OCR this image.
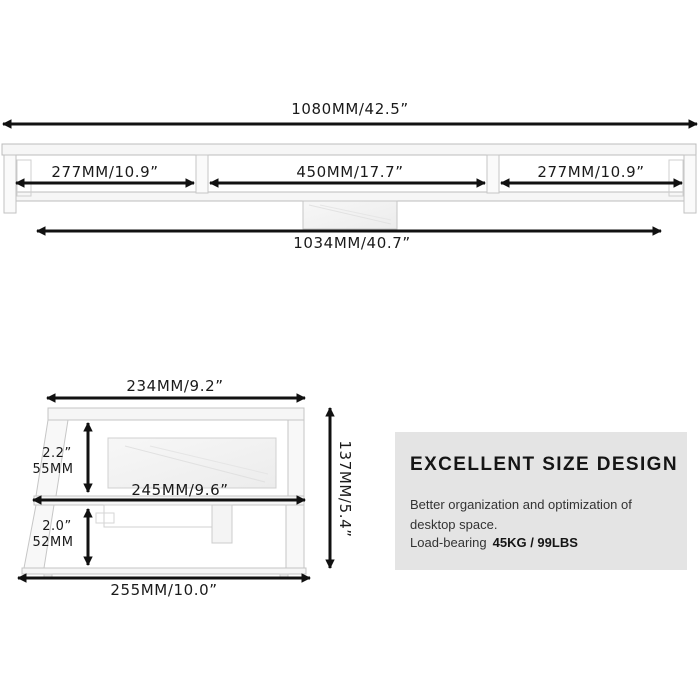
1080MM/42.5”
277MM/10.9”	450MM/17.7”	277MM/10.9”
1034MM/40.7”
234MM/9.2”
245MM/9.6”
255MM/10.0”
2.2”
55MM
2.0”
52MM
137MM/5.4”	EXCELLENT SIZE DESIGN

Better organization and optimization of desktop space.

Load-bearing 45KG / 99LBS
